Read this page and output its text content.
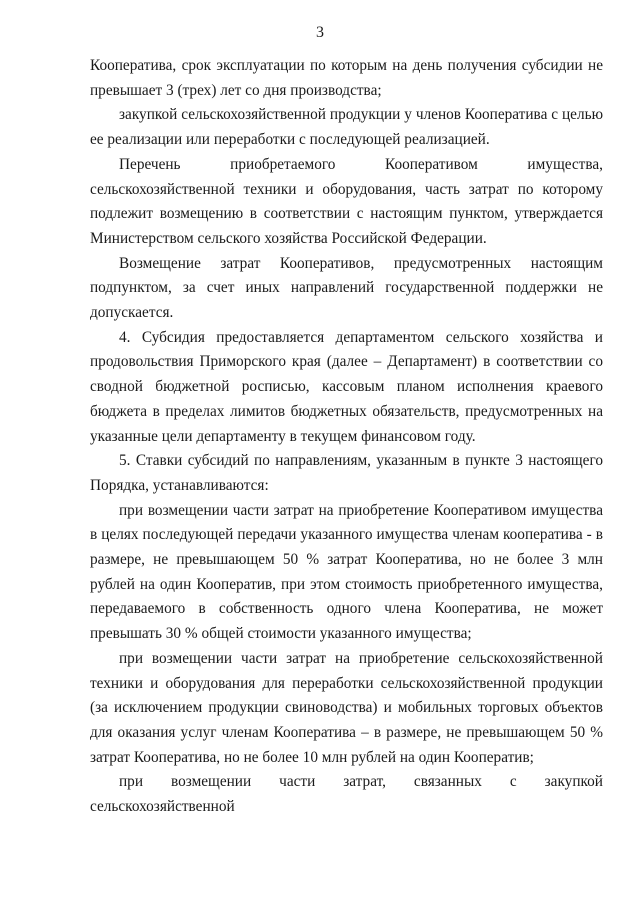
3

Кооператива, срок эксплуатации по которым на день получения субсидии не превышает 3 (трех) лет со дня производства;

закупкой сельскохозяйственной продукции у членов Кооператива с целью ее реализации или переработки с последующей реализацией.

Перечень приобретаемого Кооперативом имущества, сельскохозяйственной техники и оборудования, часть затрат по которому подлежит возмещению в соответствии с настоящим пунктом, утверждается Министерством сельского хозяйства Российской Федерации.

Возмещение затрат Кооперативов, предусмотренных настоящим подпунктом, за счет иных направлений государственной поддержки не допускается.

4. Субсидия предоставляется департаментом сельского хозяйства и продовольствия Приморского края (далее – Департамент) в соответствии со сводной бюджетной росписью, кассовым планом исполнения краевого бюджета в пределах лимитов бюджетных обязательств, предусмотренных на указанные цели департаменту в текущем финансовом году.

5. Ставки субсидий по направлениям, указанным в пункте 3 настоящего Порядка, устанавливаются:

при возмещении части затрат на приобретение Кооперативом имущества в целях последующей передачи указанного имущества членам кооператива - в размере, не превышающем 50 % затрат Кооператива, но не более 3 млн рублей на один Кооператив, при этом стоимость приобретенного имущества, передаваемого в собственность одного члена Кооператива, не может превышать 30 % общей стоимости указанного имущества;

при возмещении части затрат на приобретение сельскохозяйственной техники и оборудования для переработки сельскохозяйственной продукции (за исключением продукции свиноводства) и мобильных торговых объектов для оказания услуг членам Кооператива – в размере, не превышающем 50 % затрат Кооператива, но не более 10 млн рублей на один Кооператив;

при возмещении части затрат, связанных с закупкой сельскохозяйственной
